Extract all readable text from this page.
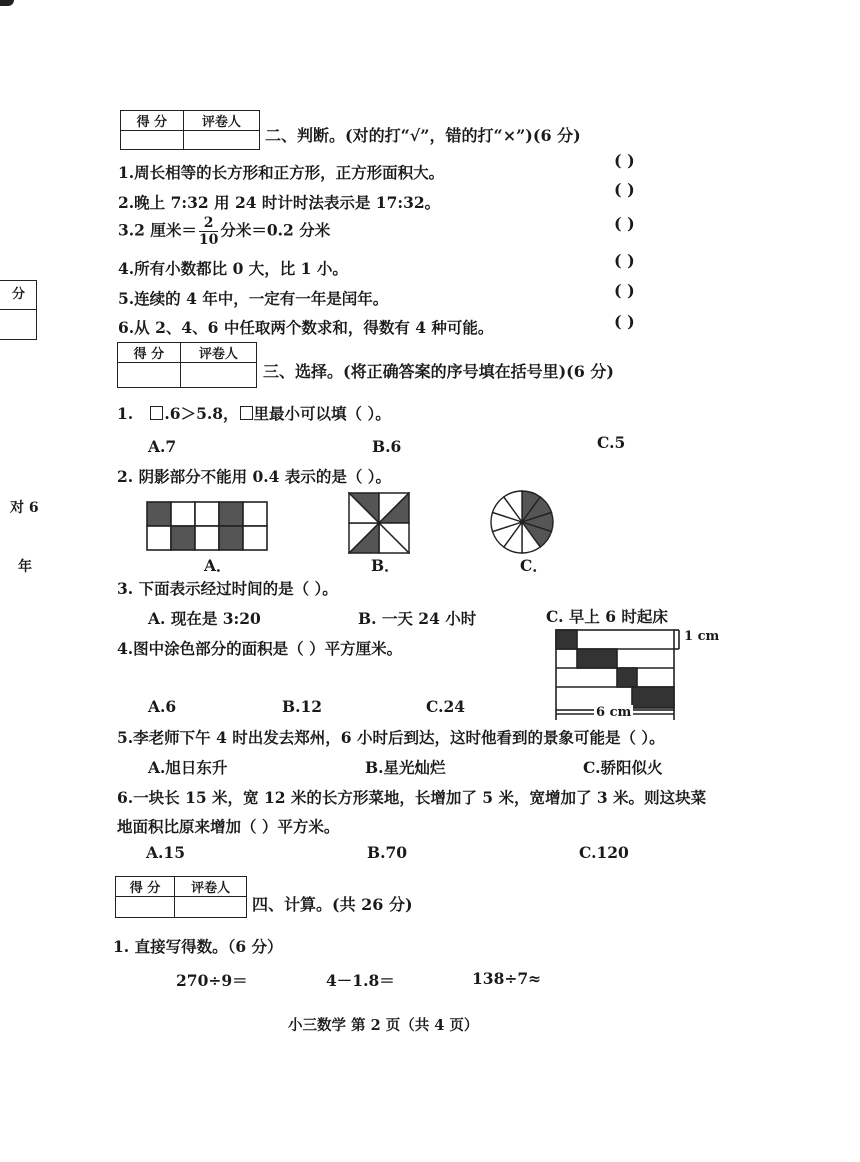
分
对 6
年
得 分	评卷人

二、判断。(对的打“√”，错的打“×”)(6 分)
1.周长相等的长方形和正方形，正方形面积大。
2.晚上 7:32 用 24 时计时法表示是 17:32。
3.2 厘米＝ $\frac{2}{10}$ 分米＝0.2 分米
4.所有小数都比 0 大，比 1 小。
5.连续的 4 年中，一定有一年是闰年。
6.从 2、4、6 中任取两个数求和，得数有 4 种可能。
( )
( )
( )
( )
( )
( )
得 分	评卷人

三、选择。(将正确答案的序号填在括号里)(6 分)
1. .6＞5.8， 里最小可以填（ ）。
A.7	B.6	C.5
2. 阴影部分不能用 0.4 表示的是（ ）。
A．	B．	C．
3. 下面表示经过时间的是（ ）。
A. 现在是 3:20	B. 一天 24 小时	C. 早上 6 时起床
4.图中涂色部分的面积是（ ）平方厘米。
1 cm
6 cm
A.6	B.12	C.24
5.李老师下午 4 时出发去郑州，6 小时后到达，这时他看到的景象可能是（ ）。
A.旭日东升	B.星光灿烂	C.骄阳似火
6.一块长 15 米，宽 12 米的长方形菜地，长增加了 5 米，宽增加了 3 米。则这块菜
地面积比原来增加（ ）平方米。
A.15	B.70	C.120
得 分	评卷人

四、计算。(共 26 分)
1. 直接写得数。（6 分）
270÷9＝	4－1.8＝	138÷7≈
小三数学 第 2 页（共 4 页）
